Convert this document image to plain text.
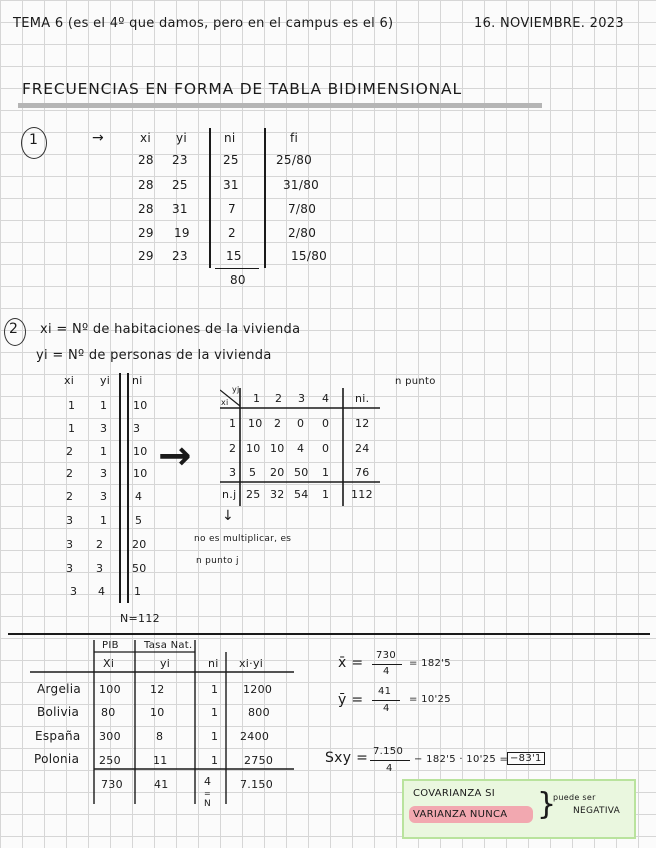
TEMA 6 (es el 4º que damos, pero en el campus es el 6)	16. NOVIEMBRE. 2023
FRECUENCIAS EN FORMA DE TABLA BIDIMENSIONAL
1	→	xi yi	ni	fi
28 23	25	25/80
28 25	31	31/80
28 31	7	7/80
29 19	2	2/80
29 23	15	15/80
80
2 xi = Nº de habitaciones de la vivienda
yi = Nº de personas de la vivienda
xi yi ni
1 1 10
1 3 3
2 1 10
2 3 10
2 3	4
3 1	5
3 2	20
3 3	50
3 4	1
N=112
→
yj
xi 1 2 3 4 ni.
n punto
1 10 2 0 0 12
2 10 10 4 0 24
3 5 20 50 1 76
n.j 25 32 54 1 112
↓
no es multiplicar, es
n punto j
PIB	Tasa Nat.
Xi	yi	ni xi·yi
Argelia 100	12	1 1200
Bolivia 80	10	1	800
España 300	8	1 2400
Polonia 250	11	1 2750
730	41	4	7.150
=
N
x̄ = 730
4
= 182'5
ȳ =
41
4
= 10'25
Sxy = 7.150
4
− 182'5 · 10'25 = −83'1
COVARIANZA SI
VARIANZA NUNCA }
puede ser
NEGATIVA
